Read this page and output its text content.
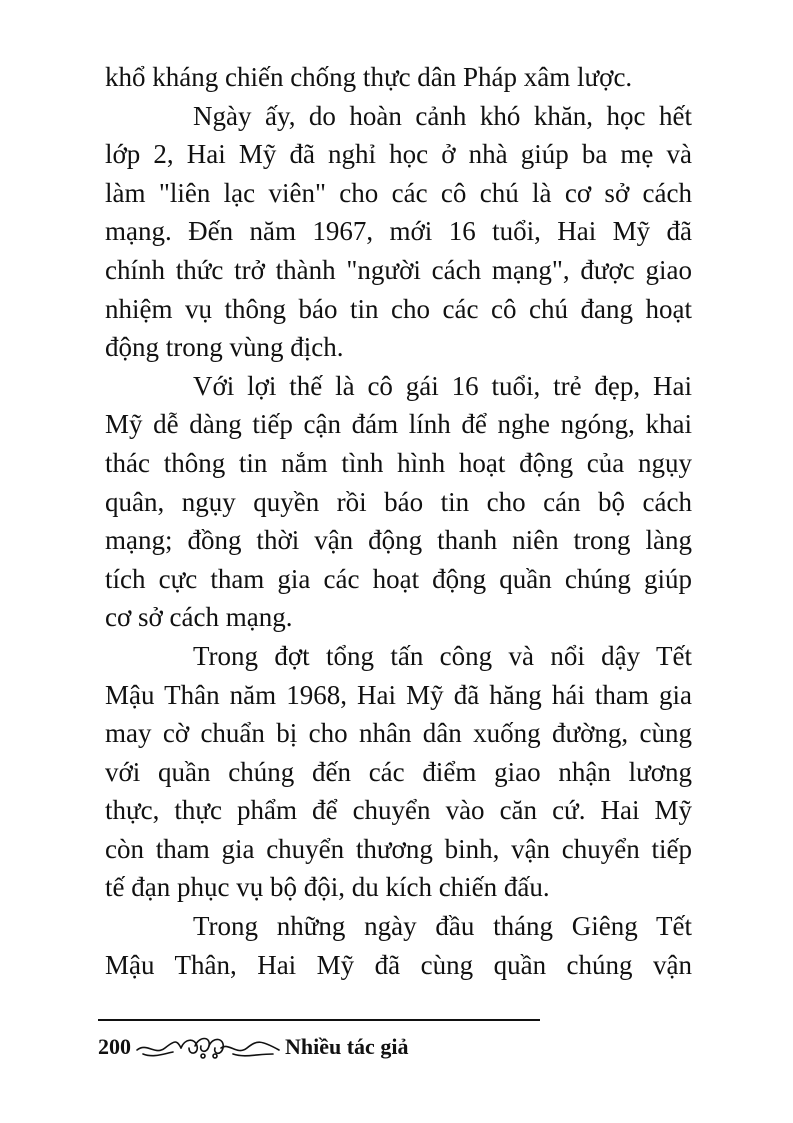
khổ kháng chiến chống thực dân Pháp xâm lược.
Ngày ấy, do hoàn cảnh khó khăn, học hết
lớp 2, Hai Mỹ đã nghỉ học ở nhà giúp ba mẹ và
làm "liên lạc viên" cho các cô chú là cơ sở cách
mạng. Đến năm 1967, mới 16 tuổi, Hai Mỹ đã
chính thức trở thành "người cách mạng", được giao
nhiệm vụ thông báo tin cho các cô chú đang hoạt
động trong vùng địch.
Với lợi thế là cô gái 16 tuổi, trẻ đẹp, Hai
Mỹ dễ dàng tiếp cận đám lính để nghe ngóng, khai
thác thông tin nắm tình hình hoạt động của ngụy
quân, ngụy quyền rồi báo tin cho cán bộ cách
mạng; đồng thời vận động thanh niên trong làng
tích cực tham gia các hoạt động quần chúng giúp
cơ sở cách mạng.
Trong đợt tổng tấn công và nổi dậy Tết
Mậu Thân năm 1968, Hai Mỹ đã hăng hái tham gia
may cờ chuẩn bị cho nhân dân xuống đường, cùng
với quần chúng đến các điểm giao nhận lương
thực, thực phẩm để chuyển vào căn cứ. Hai Mỹ
còn tham gia chuyển thương binh, vận chuyển tiếp
tế đạn phục vụ bộ đội, du kích chiến đấu.
Trong những ngày đầu tháng Giêng Tết
Mậu Thân, Hai Mỹ đã cùng quần chúng vận
200	Nhiều tác giả
